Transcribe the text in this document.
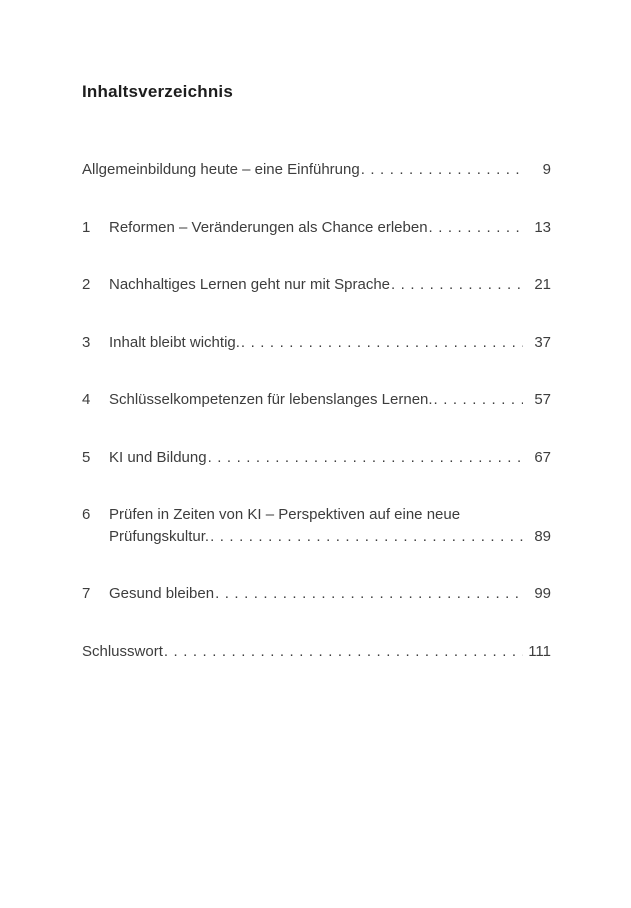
Inhaltsverzeichnis
Allgemeinbildung heute – eine Einführung .....	9
1	Reformen – Veränderungen als Chance erleben .....	13
2	Nachhaltiges Lernen geht nur mit Sprache .....	21
3	Inhalt bleibt wichtig. .....	37
4	Schlüsselkompetenzen für lebenslanges Lernen. .....	57
5	KI und Bildung .....	67
6	Prüfen in Zeiten von KI – Perspektiven auf eine neue
Prüfungskultur. .....	89
7	Gesund bleiben .....	99
Schlusswort .....	111
